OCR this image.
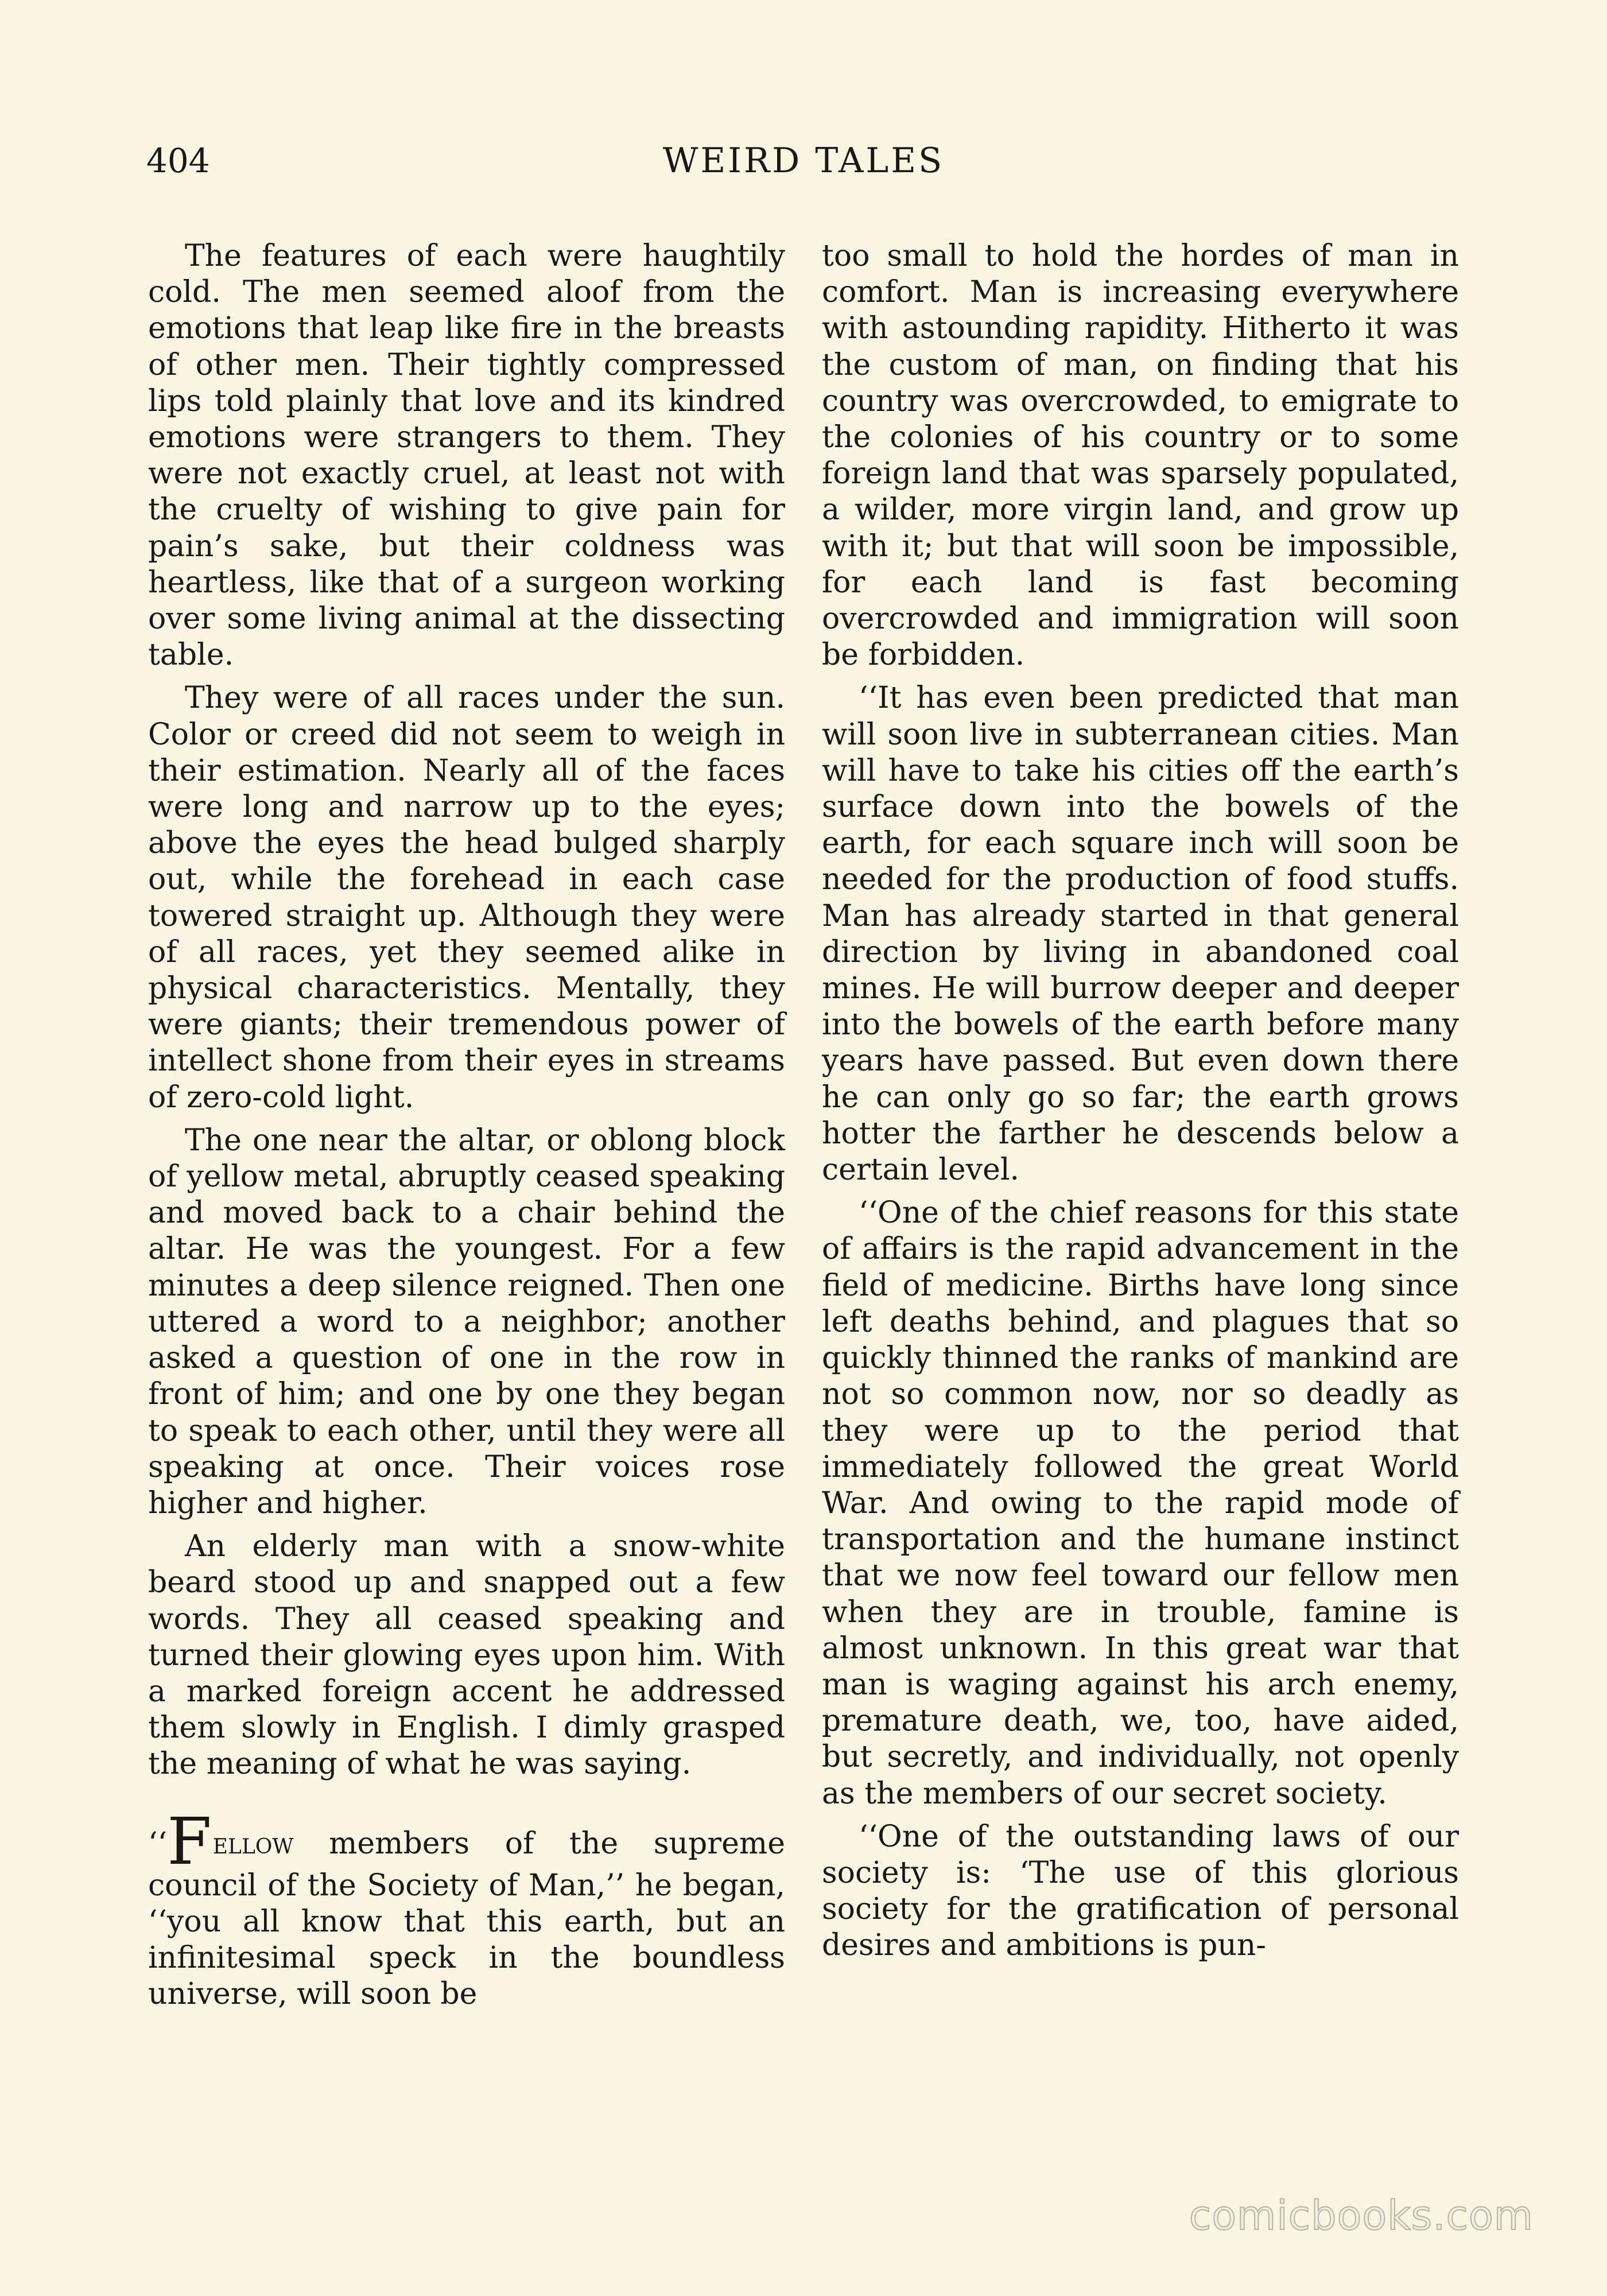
404	WEIRD TALES

The features of each were haughtily cold. The men seemed aloof from the emotions that leap like fire in the breasts of other men. Their tightly compressed lips told plainly that love and its kindred emotions were strangers to them. They were not exactly cruel, at least not with the cruelty of wishing to give pain for pain’s sake, but their coldness was heartless, like that of a surgeon working over some living animal at the dissecting table.

They were of all races under the sun. Color or creed did not seem to weigh in their estimation. Nearly all of the faces were long and narrow up to the eyes; above the eyes the head bulged sharply out, while the forehead in each case towered straight up. Although they were of all races, yet they seemed alike in physical characteristics. Mentally, they were giants; their tremendous power of intellect shone from their eyes in streams of zero-cold light.

The one near the altar, or oblong block of yellow metal, abruptly ceased speaking and moved back to a chair behind the altar. He was the youngest. For a few minutes a deep silence reigned. Then one uttered a word to a neighbor; another asked a question of one in the row in front of him; and one by one they began to speak to each other, until they were all speaking at once. Their voices rose higher and higher.

An elderly man with a snow-white beard stood up and snapped out a few words. They all ceased speaking and turned their glowing eyes upon him. With a marked foreign accent he addressed them slowly in English. I dimly grasped the meaning of what he was saying.

‘‘Fellow members of the supreme council of the Society of Man,’’ he began, ‘‘you all know that this earth, but an infinitesimal speck in the boundless universe, will soon be

too small to hold the hordes of man in comfort. Man is increasing everywhere with astounding rapidity. Hitherto it was the custom of man, on finding that his country was overcrowded, to emigrate to the colonies of his country or to some foreign land that was sparsely populated, a wilder, more virgin land, and grow up with it; but that will soon be impossible, for each land is fast becoming overcrowded and immigration will soon be forbidden.

‘‘It has even been predicted that man will soon live in subterranean cities. Man will have to take his cities off the earth’s surface down into the bowels of the earth, for each square inch will soon be needed for the production of food stuffs. Man has already started in that general direction by living in abandoned coal mines. He will burrow deeper and deeper into the bowels of the earth before many years have passed. But even down there he can only go so far; the earth grows hotter the farther he descends below a certain level.

‘‘One of the chief reasons for this state of affairs is the rapid advancement in the field of medicine. Births have long since left deaths behind, and plagues that so quickly thinned the ranks of mankind are not so common now, nor so deadly as they were up to the period that immediately followed the great World War. And owing to the rapid mode of transportation and the humane instinct that we now feel toward our fellow men when they are in trouble, famine is almost unknown. In this great war that man is waging against his arch enemy, premature death, we, too, have aided, but secretly, and individually, not openly as the members of our secret society.

‘‘One of the outstanding laws of our society is: ‘The use of this glorious society for the gratification of personal desires and ambitions is pun-

comicbooks.com
